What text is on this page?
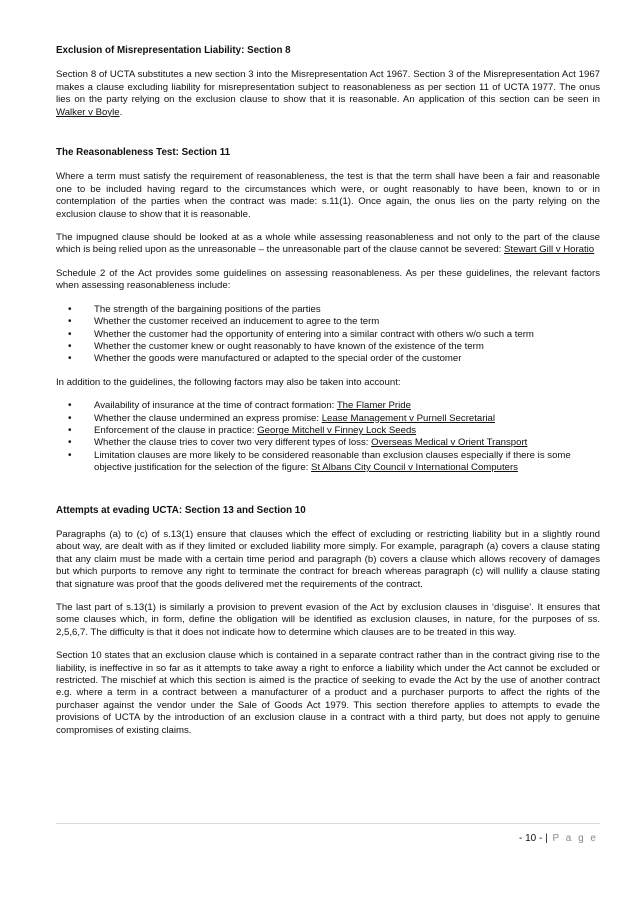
Exclusion of Misrepresentation Liability: Section 8

Section 8 of UCTA substitutes a new section 3 into the Misrepresentation Act 1967. Section 3 of the Misrepresentation Act 1967 makes a clause excluding liability for misrepresentation subject to reasonableness as per section 11 of UCTA 1977. The onus lies on the party relying on the exclusion clause to show that it is reasonable. An application of this section can be seen in Walker v Boyle.

The Reasonableness Test: Section 11

Where a term must satisfy the requirement of reasonableness, the test is that the term shall have been a fair and reasonable one to be included having regard to the circumstances which were, or ought reasonably to have been, known to or in contemplation of the parties when the contract was made: s.11(1). Once again, the onus lies on the party relying on the exclusion clause to show that it is reasonable.

The impugned clause should be looked at as a whole while assessing reasonableness and not only to the part of the clause which is being relied upon as the unreasonable – the unreasonable part of the clause cannot be severed: Stewart Gill v Horatio

Schedule 2 of the Act provides some guidelines on assessing reasonableness. As per these guidelines, the relevant factors when assessing reasonableness include:

• The strength of the bargaining positions of the parties
• Whether the customer received an inducement to agree to the term
• Whether the customer had the opportunity of entering into a similar contract with others w/o such a term
• Whether the customer knew or ought reasonably to have known of the existence of the term
• Whether the goods were manufactured or adapted to the special order of the customer

In addition to the guidelines, the following factors may also be taken into account:

• Availability of insurance at the time of contract formation: The Flamer Pride
• Whether the clause undermined an express promise: Lease Management v Purnell Secretarial
• Enforcement of the clause in practice: George Mitchell v Finney Lock Seeds
• Whether the clause tries to cover two very different types of loss: Overseas Medical v Orient Transport
• Limitation clauses are more likely to be considered reasonable than exclusion clauses especially if there is some objective justification for the selection of the figure: St Albans City Council v International Computers
Attempts at evading UCTA: Section 13 and Section 10

Paragraphs (a) to (c) of s.13(1) ensure that clauses which the effect of excluding or restricting liability but in a slightly round about way, are dealt with as if they limited or excluded liability more simply. For example, paragraph (a) covers a clause stating that any claim must be made with a certain time period and paragraph (b) covers a clause which allows recovery of damages but which purports to remove any right to terminate the contract for breach whereas paragraph (c) will nullify a clause stating that signature was proof that the goods delivered met the requirements of the contract.

The last part of s.13(1) is similarly a provision to prevent evasion of the Act by exclusion clauses in ‘disguise’. It ensures that some clauses which, in form, define the obligation will be identified as exclusion clauses, in nature, for the purposes of ss. 2,5,6,7. The difficulty is that it does not indicate how to determine which clauses are to be treated in this way.

Section 10 states that an exclusion clause which is contained in a separate contract rather than in the contract giving rise to the liability, is ineffective in so far as it attempts to take away a right to enforce a liability which under the Act cannot be excluded or restricted. The mischief at which this section is aimed is the practice of seeking to evade the Act by the use of another contract e.g. where a term in a contract between a manufacturer of a product and a purchaser purports to affect the rights of the purchaser against the vendor under the Sale of Goods Act 1979. This section therefore applies to attempts to evade the provisions of UCTA by the introduction of an exclusion clause in a contract with a third party, but does not apply to genuine compromises of existing claims.

- 10 - | P a g e
